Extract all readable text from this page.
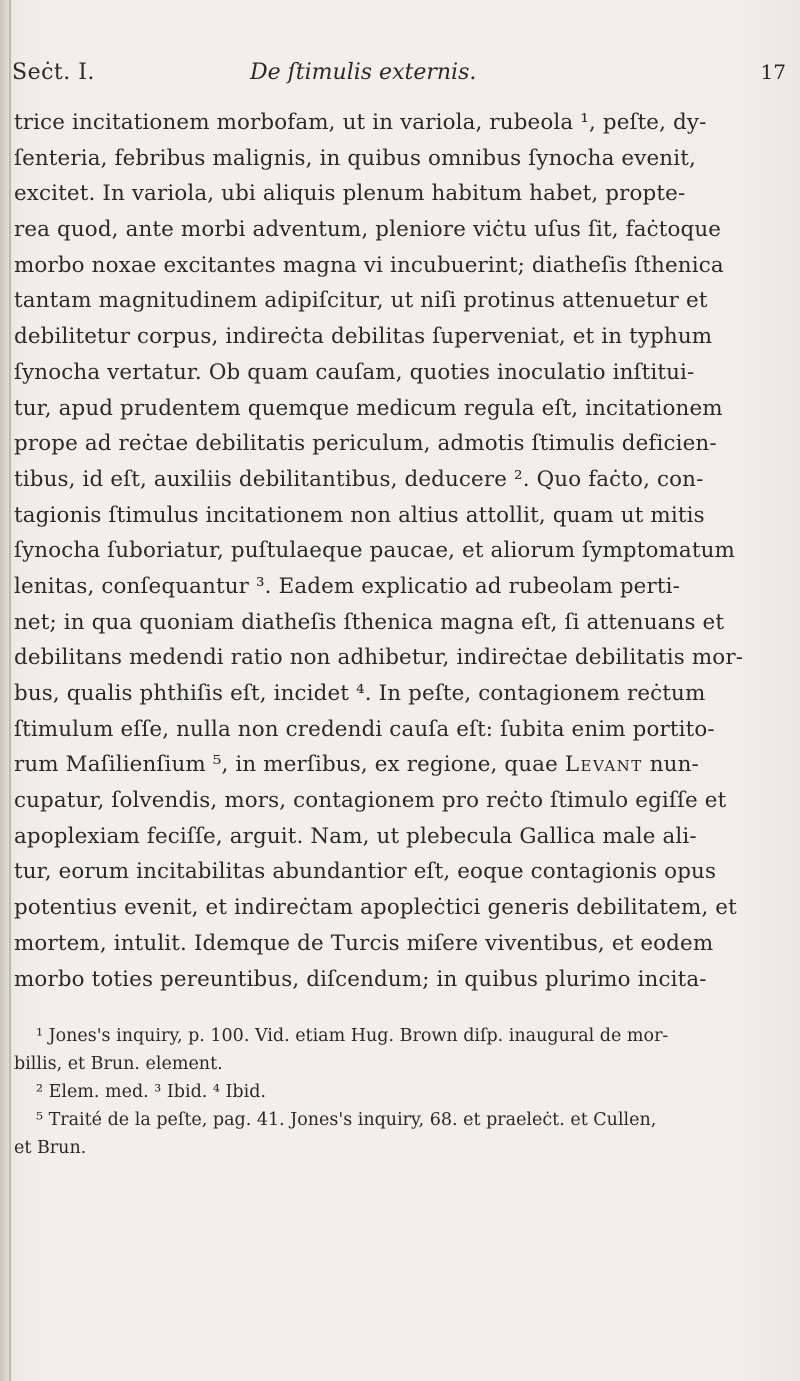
Seċt. I.	De ſtimulis externis.	17
trice incitationem morbofam, ut in variola, rubeola ¹, peſte, dy-
ſenteria, febribus malignis, in quibus omnibus ſynocha evenit,
excitet. In variola, ubi aliquis plenum habitum habet, propte-
rea quod, ante morbi adventum, pleniore viċtu uſus ſit, faċtoque
morbo noxae excitantes magna vi incubuerint; diatheſis ſthenica
tantam magnitudinem adipiſcitur, ut niſi protinus attenuetur et
debilitetur corpus, indireċta debilitas ſuperveniat, et in typhum
ſynocha vertatur. Ob quam cauſam, quoties inoculatio inſtitui-
tur, apud prudentem quemque medicum regula eſt, incitationem
prope ad reċtae debilitatis periculum, admotis ſtimulis deficien-
tibus, id eſt, auxiliis debilitantibus, deducere ². Quo faċto, con-
tagionis ſtimulus incitationem non altius attollit, quam ut mitis
ſynocha ſuboriatur, puſtulaeque paucae, et aliorum ſymptomatum
lenitas, conſequantur ³. Eadem explicatio ad rubeolam perti-
net; in qua quoniam diatheſis ſthenica magna eſt, ſi attenuans et
debilitans medendi ratio non adhibetur, indireċtae debilitatis mor-
bus, qualis phthiſis eſt, incidet ⁴. In peſte, contagionem reċtum
ſtimulum eſſe, nulla non credendi cauſa eſt: ſubita enim portito-
rum Maſilienſium ⁵, in merſibus, ex regione, quae Levant nun-
cupatur, ſolvendis, mors, contagionem pro reċto ſtimulo egiſſe et
apoplexiam feciſſe, arguit. Nam, ut plebecula Gallica male ali-
tur, eorum incitabilitas abundantior eſt, eoque contagionis opus
potentius evenit, et indireċtam apopleċtici generis debilitatem, et
mortem, intulit. Idemque de Turcis miſere viventibus, et eodem
morbo toties pereuntibus, diſcendum; in quibus plurimo incita-
¹ Jones's inquiry, p. 100. Vid. etiam Hug. Brown diſp. inaugural de mor-
billis, et Brun. element.
² Elem. med. ³ Ibid. ⁴ Ibid.
⁵ Traité de la peſte, pag. 41. Jones's inquiry, 68. et praeleċt. et Cullen,
et Brun.
